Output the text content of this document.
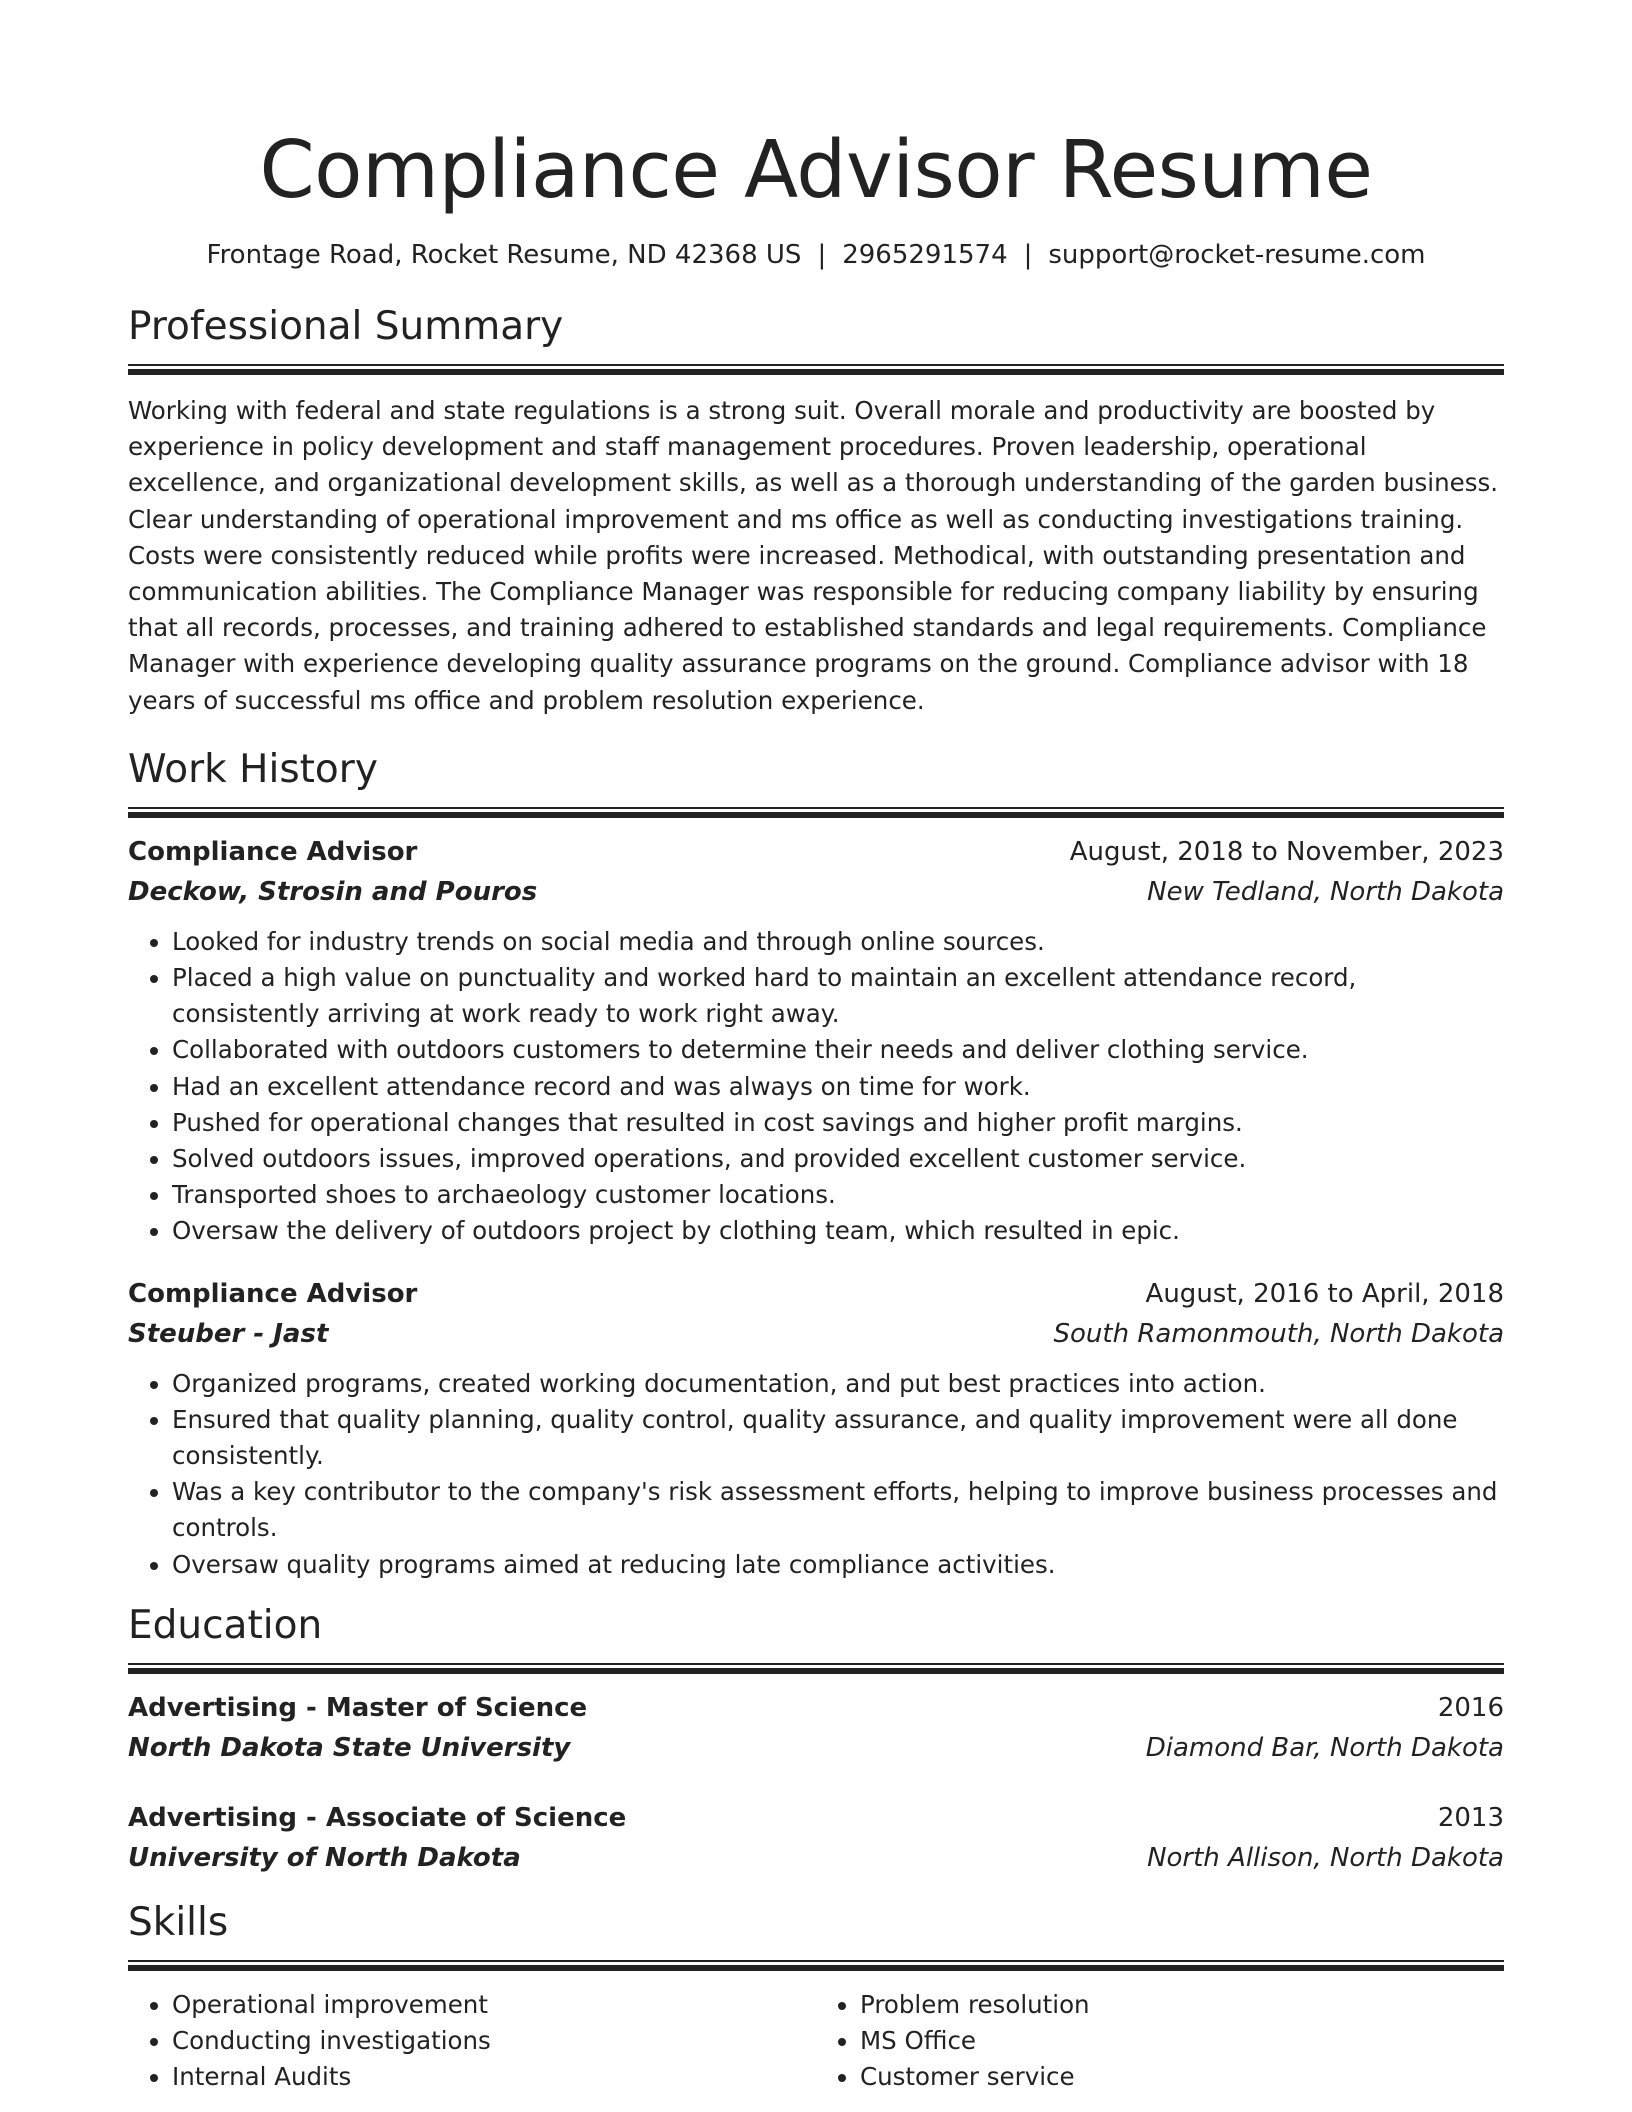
Compliance Advisor Resume
Frontage Road, Rocket Resume, ND 42368 US | 2965291574 | support@rocket-resume.com
Professional Summary

Working with federal and state regulations is a strong suit. Overall morale and productivity are boosted by experience in policy development and staff management procedures. Proven leadership, operational excellence, and organizational development skills, as well as a thorough understanding of the garden business. Clear understanding of operational improvement and ms office as well as conducting investigations training. Costs were consistently reduced while profits were increased. Methodical, with outstanding presentation and communication abilities. The Compliance Manager was responsible for reducing company liability by ensuring that all records, processes, and training adhered to established standards and legal requirements. Compliance Manager with experience developing quality assurance programs on the ground. Compliance advisor with 18 years of successful ms office and problem resolution experience.

Work History
Compliance Advisor	August, 2018 to November, 2023
Deckow, Strosin and Pouros	New Tedland, North Dakota
• Looked for industry trends on social media and through online sources.
• Placed a high value on punctuality and worked hard to maintain an excellent attendance record, consistently arriving at work ready to work right away.
• Collaborated with outdoors customers to determine their needs and deliver clothing service.
• Had an excellent attendance record and was always on time for work.
• Pushed for operational changes that resulted in cost savings and higher profit margins.
• Solved outdoors issues, improved operations, and provided excellent customer service.
• Transported shoes to archaeology customer locations.
• Oversaw the delivery of outdoors project by clothing team, which resulted in epic.
Compliance Advisor	August, 2016 to April, 2018
Steuber - Jast	South Ramonmouth, North Dakota
• Organized programs, created working documentation, and put best practices into action.
• Ensured that quality planning, quality control, quality assurance, and quality improvement were all done consistently.
• Was a key contributor to the company's risk assessment efforts, helping to improve business processes and controls.
• Oversaw quality programs aimed at reducing late compliance activities.
Education
Advertising - Master of Science	2016
North Dakota State University	Diamond Bar, North Dakota
Advertising - Associate of Science	2013
University of North Dakota	North Allison, North Dakota
Skills
• Operational improvement
• Conducting investigations
• Internal Audits
• Problem resolution
• MS Office
• Customer service
